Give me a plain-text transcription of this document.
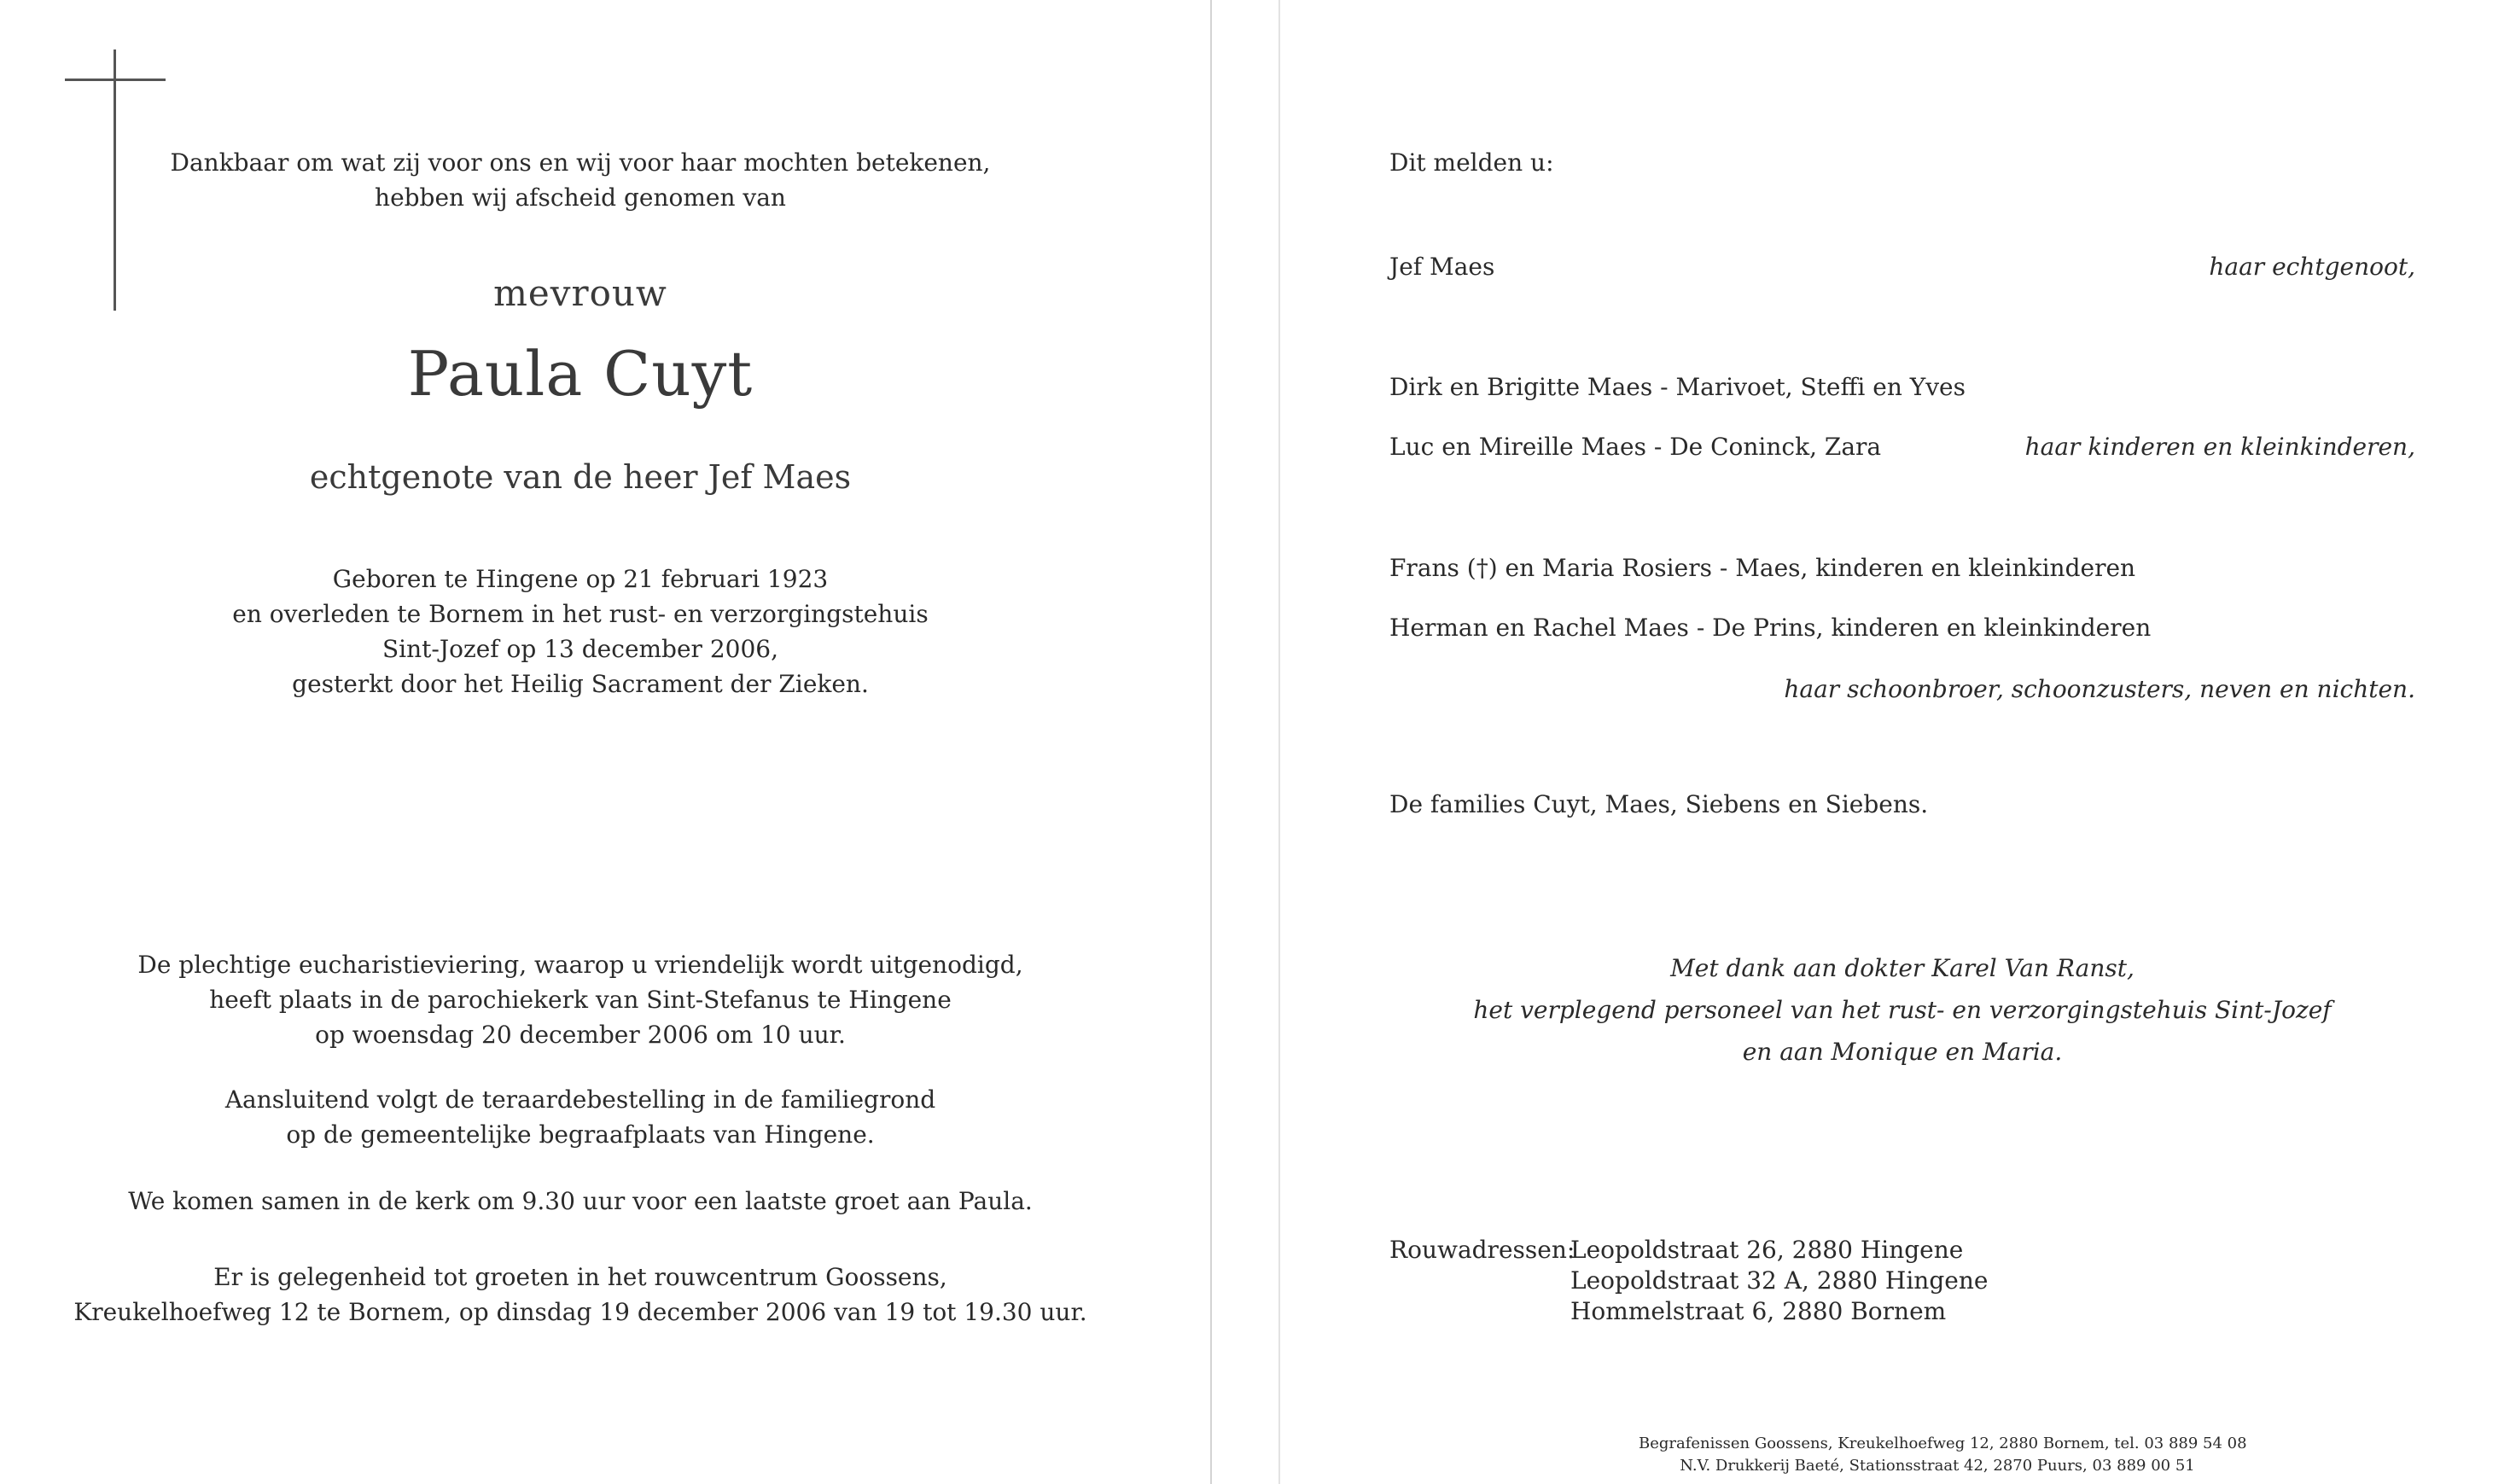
Dankbaar om wat zij voor ons en wij voor haar mochten betekenen,
hebben wij afscheid genomen van
mevrouw
Paula Cuyt
echtgenote van de heer Jef Maes
Geboren te Hingene op 21 februari 1923
en overleden te Bornem in het rust- en verzorgingstehuis
Sint-Jozef op 13 december 2006,
gesterkt door het Heilig Sacrament der Zieken.
De plechtige eucharistieviering, waarop u vriendelijk wordt uitgenodigd,
heeft plaats in de parochiekerk van Sint-Stefanus te Hingene
op woensdag 20 december 2006 om 10 uur.
Aansluitend volgt de teraardebestelling in de familiegrond
op de gemeentelijke begraafplaats van Hingene.
We komen samen in de kerk om 9.30 uur voor een laatste groet aan Paula.
Er is gelegenheid tot groeten in het rouwcentrum Goossens,
Kreukelhoefweg 12 te Bornem, op dinsdag 19 december 2006 van 19 tot 19.30 uur.
Dit melden u:
Jef Maes	haar echtgenoot,
Dirk en Brigitte Maes - Marivoet, Steffi en Yves
Luc en Mireille Maes - De Coninck, Zara	haar kinderen en kleinkinderen,
Frans (†) en Maria Rosiers - Maes, kinderen en kleinkinderen
Herman en Rachel Maes - De Prins, kinderen en kleinkinderen
haar schoonbroer, schoonzusters, neven en nichten.
De families Cuyt, Maes, Siebens en Siebens.
Met dank aan dokter Karel Van Ranst,
het verplegend personeel van het rust- en verzorgingstehuis Sint-Jozef
en aan Monique en Maria.
Rouwadressen:
Leopoldstraat 26, 2880 Hingene
Leopoldstraat 32 A, 2880 Hingene
Hommelstraat 6, 2880 Bornem
Begrafenissen Goossens, Kreukelhoefweg 12, 2880 Bornem, tel. 03 889 54 08
N.V. Drukkerij Baeté, Stationsstraat 42, 2870 Puurs, 03 889 00 51
